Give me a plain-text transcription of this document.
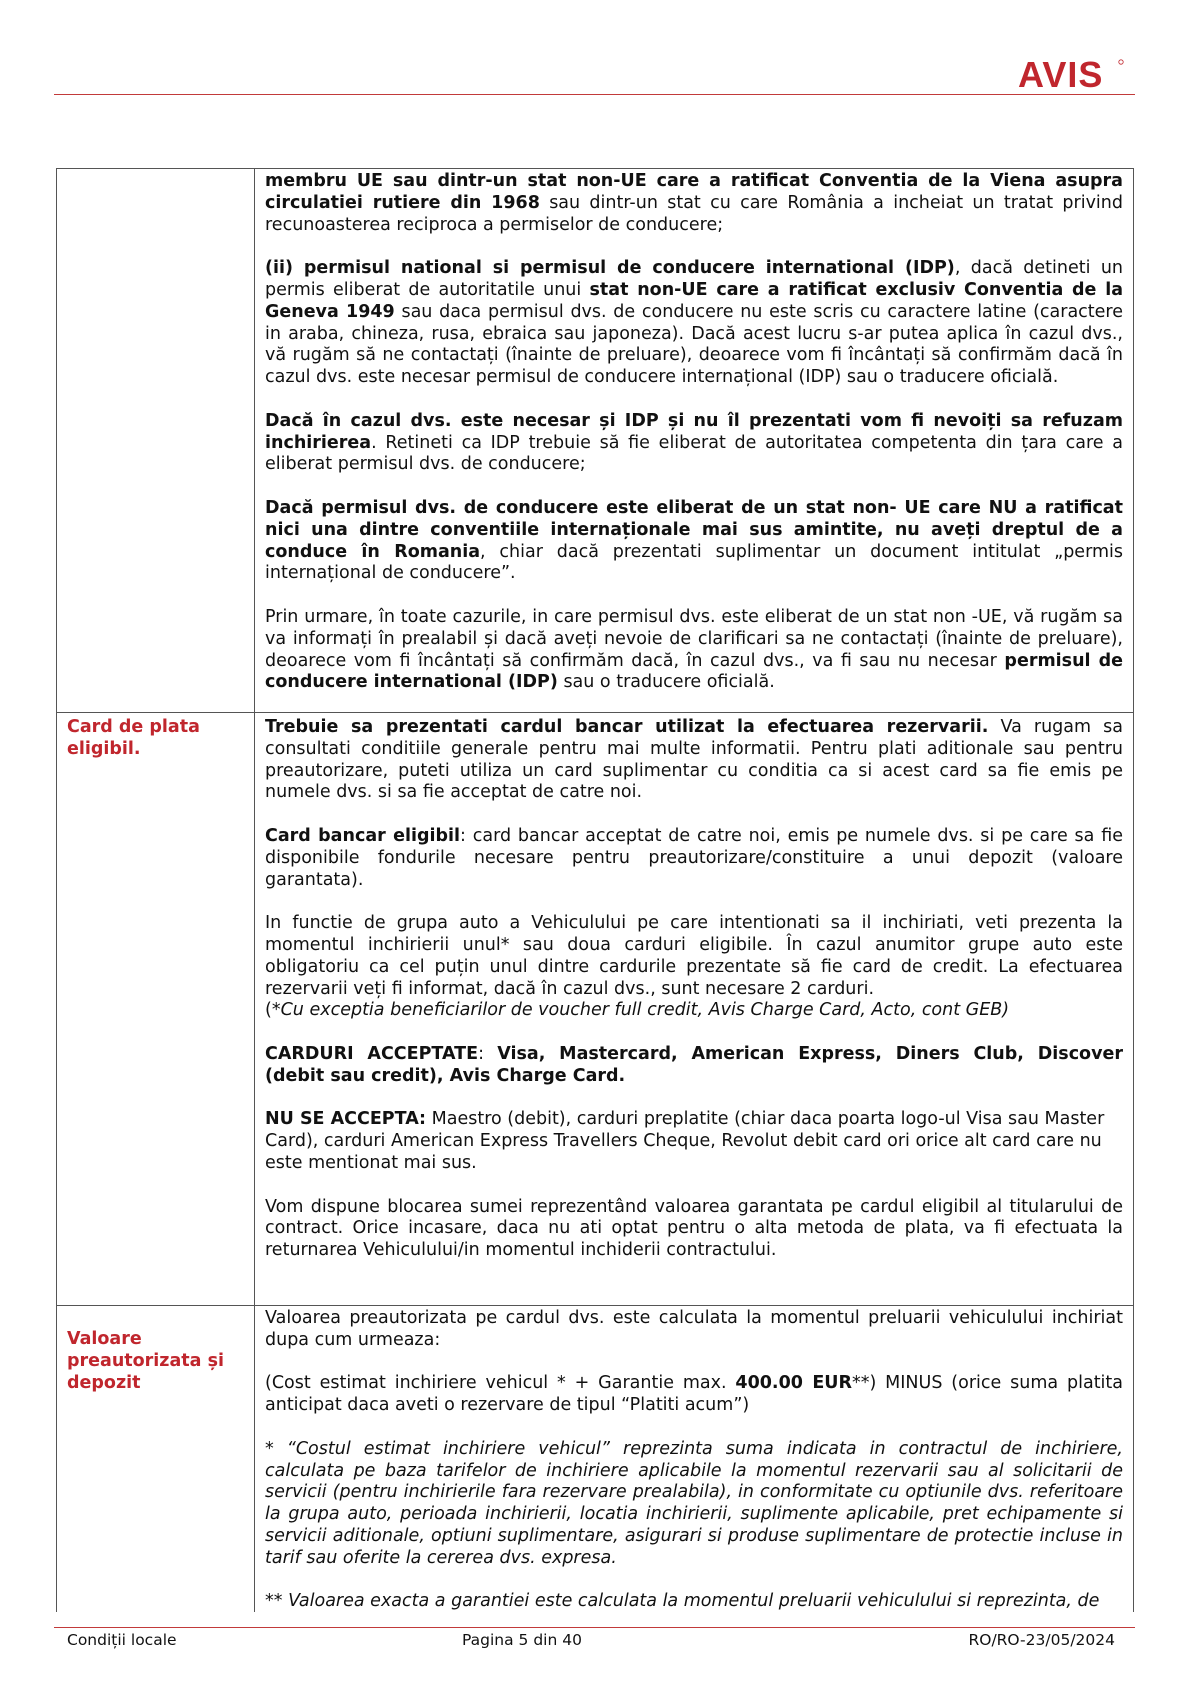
AVIS

membru UE sau dintr-un stat non-UE care a ratificat Conventia de la Viena asupra circulatiei rutiere din 1968 sau dintr-un stat cu care România a incheiat un tratat privind recunoasterea reciproca a permiselor de conducere;

(ii) permisul national si permisul de conducere international (IDP), dacă detineti un permis eliberat de autoritatile unui stat non-UE care a ratificat exclusiv Conventia de la Geneva 1949 sau daca permisul dvs. de conducere nu este scris cu caractere latine (caractere in araba, chineza, rusa, ebraica sau japoneza). Dacă acest lucru s-ar putea aplica în cazul dvs., vă rugăm să ne contactați (înainte de preluare), deoarece vom fi încântați să confirmăm dacă în cazul dvs. este necesar permisul de conducere internațional (IDP) sau o traducere oficială.

Dacă în cazul dvs. este necesar și IDP și nu îl prezentati vom fi nevoiți sa refuzam inchirierea. Retineti ca IDP trebuie să fie eliberat de autoritatea competenta din țara care a eliberat permisul dvs. de conducere;

Dacă permisul dvs. de conducere este eliberat de un stat non- UE care NU a ratificat nici una dintre conventiile internaționale mai sus amintite, nu aveți dreptul de a conduce în Romania, chiar dacă prezentati suplimentar un document intitulat „permis internațional de conducere”.

Prin urmare, în toate cazurile, in care permisul dvs. este eliberat de un stat non -UE, vă rugăm sa va informați în prealabil și dacă aveți nevoie de clarificari sa ne contactați (înainte de preluare), deoarece vom fi încântați să confirmăm dacă, în cazul dvs., va fi sau nu necesar permisul de conducere international (IDP) sau o traducere oficială.

Card de plata eligibil.

Trebuie sa prezentati cardul bancar utilizat la efectuarea rezervarii. Va rugam sa consultati conditiile generale pentru mai multe informatii. Pentru plati aditionale sau pentru preautorizare, puteti utiliza un card suplimentar cu conditia ca si acest card sa fie emis pe numele dvs. si sa fie acceptat de catre noi.

Card bancar eligibil: card bancar acceptat de catre noi, emis pe numele dvs. si pe care sa fie disponibile fondurile necesare pentru preautorizare/constituire a unui depozit (valoare garantata).

In functie de grupa auto a Vehiculului pe care intentionati sa il inchiriati, veti prezenta la momentul inchirierii unul* sau doua carduri eligibile. În cazul anumitor grupe auto este obligatoriu ca cel puțin unul dintre cardurile prezentate să fie card de credit. La efectuarea rezervarii veți fi informat, dacă în cazul dvs., sunt necesare 2 carduri.

(*Cu exceptia beneficiarilor de voucher full credit, Avis Charge Card, Acto, cont GEB)

CARDURI ACCEPTATE: Visa, Mastercard, American Express, Diners Club, Discover (debit sau credit), Avis Charge Card.

NU SE ACCEPTA: Maestro (debit), carduri preplatite (chiar daca poarta logo-ul Visa sau Master Card), carduri American Express Travellers Cheque, Revolut debit card ori orice alt card care nu este mentionat mai sus.

Vom dispune blocarea sumei reprezentând valoarea garantata pe cardul eligibil al titularului de contract. Orice incasare, daca nu ati optat pentru o alta metoda de plata, va fi efectuata la returnarea Vehiculului/in momentul inchiderii contractului.

Valoare preautorizata și depozit

Valoarea preautorizata pe cardul dvs. este calculata la momentul preluarii vehiculului inchiriat dupa cum urmeaza:

(Cost estimat inchiriere vehicul * + Garantie max. 400.00 EUR**) MINUS (orice suma platita anticipat daca aveti o rezervare de tipul “Platiti acum”)

* “Costul estimat inchiriere vehicul” reprezinta suma indicata in contractul de inchiriere, calculata pe baza tarifelor de inchiriere aplicabile la momentul rezervarii sau al solicitarii de servicii (pentru inchirierile fara rezervare prealabila), in conformitate cu optiunile dvs. referitoare la grupa auto, perioada inchirierii, locatia inchirierii, suplimente aplicabile, pret echipamente si servicii aditionale, optiuni suplimentare, asigurari si produse suplimentare de protectie incluse in tarif sau oferite la cererea dvs. expresa.

** Valoarea exacta a garantiei este calculata la momentul preluarii vehiculului si reprezinta, de

Condiții locale	Pagina 5 din 40	RO/RO-23/05/2024
